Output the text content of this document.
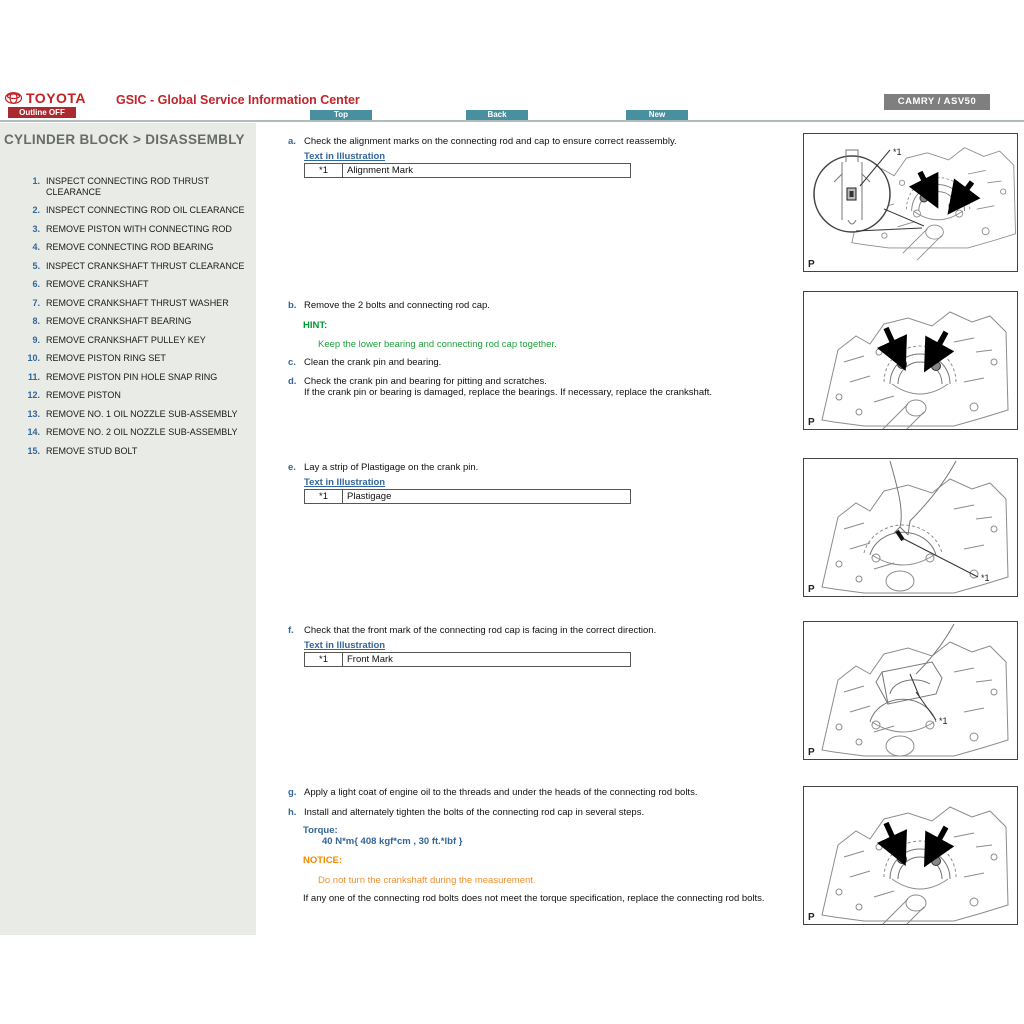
TOYOTA
Outline OFF
GSIC - Global Service Information Center
Top	Back	New
CAMRY / ASV50
CYLINDER BLOCK > DISASSEMBLY
1. INSPECT CONNECTING ROD THRUST CLEARANCE
2. INSPECT CONNECTING ROD OIL CLEARANCE
3. REMOVE PISTON WITH CONNECTING ROD
4. REMOVE CONNECTING ROD BEARING
5. INSPECT CRANKSHAFT THRUST CLEARANCE
6. REMOVE CRANKSHAFT
7. REMOVE CRANKSHAFT THRUST WASHER
8. REMOVE CRANKSHAFT BEARING
9. REMOVE CRANKSHAFT PULLEY KEY
10. REMOVE PISTON RING SET
11. REMOVE PISTON PIN HOLE SNAP RING
12. REMOVE PISTON
13. REMOVE NO. 1 OIL NOZZLE SUB-ASSEMBLY
14. REMOVE NO. 2 OIL NOZZLE SUB-ASSEMBLY
15. REMOVE STUD BOLT
a. Check the alignment marks on the connecting rod and cap to ensure correct reassembly.
Text in Illustration
*1	Alignment Mark
b. Remove the 2 bolts and connecting rod cap.
HINT:
Keep the lower bearing and connecting rod cap together.
c. Clean the crank pin and bearing.
d. Check the crank pin and bearing for pitting and scratches.
If the crank pin or bearing is damaged, replace the bearings. If necessary, replace the crankshaft.
e. Lay a strip of Plastigage on the crank pin.
Text in Illustration
*1	Plastigage
f.	Check that the front mark of the connecting rod cap is facing in the correct direction.
Text in Illustration
*1	Front Mark
g. Apply a light coat of engine oil to the threads and under the heads of the connecting rod bolts.
h. Install and alternately tighten the bolts of the connecting rod cap in several steps.
Torque:
40 N*m{ 408 kgf*cm , 30 ft.*lbf }
NOTICE:
Do not turn the crankshaft during the measurement.
If any one of the connecting rod bolts does not meet the torque specification, replace the connecting rod bolts.
*1
P
P
*1
P
*1
P
P
